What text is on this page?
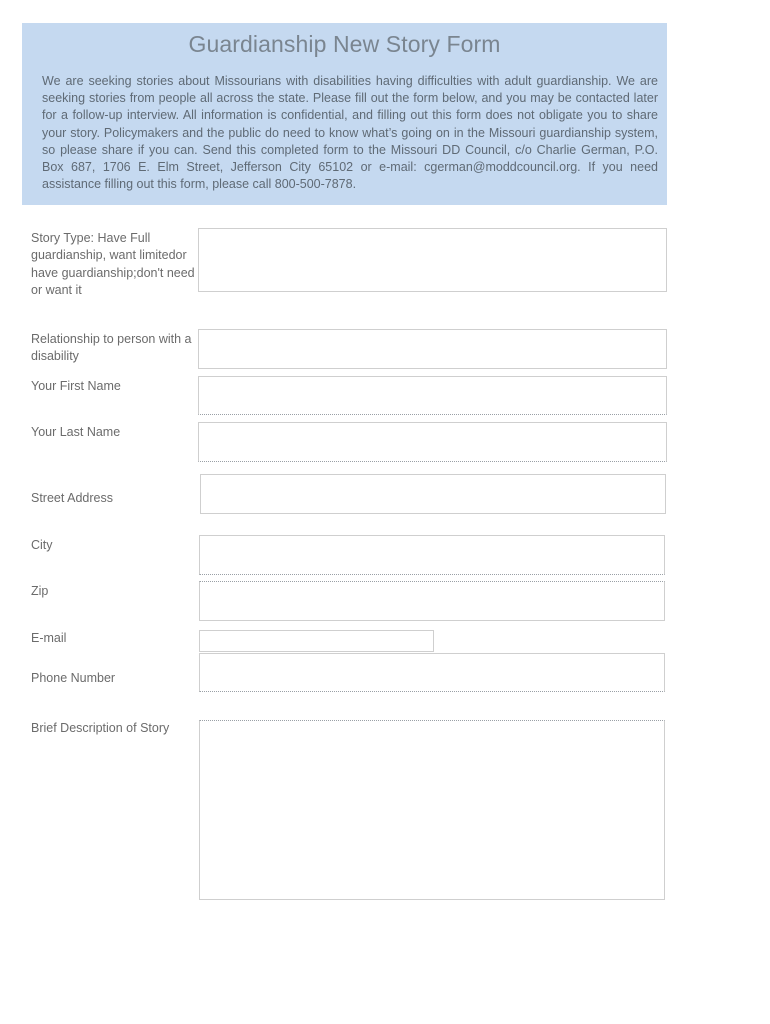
Guardianship New Story Form
We are seeking stories about Missourians with disabilities having difficulties with adult guardianship. We are seeking stories from people all across the state. Please fill out the form below, and you may be contacted later for a follow-up interview. All information is confidential, and filling out this form does not obligate you to share your story. Policymakers and the public do need to know what’s going on in the Missouri guardianship system, so please share if you can. Send this completed form to the Missouri DD Council, c/o Charlie German, P.O. Box 687, 1706 E. Elm Street, Jefferson City 65102 or e-mail: cgerman@moddcouncil.org. If you need assistance filling out this form, please call 800-500-7878.
Story Type: Have Full guardianship, want limitedor have guardianship;don't need or want it
Relationship to person with a disability
Your First Name
Your Last Name
Street Address
City
Zip
E-mail
Phone Number
Brief Description of Story
